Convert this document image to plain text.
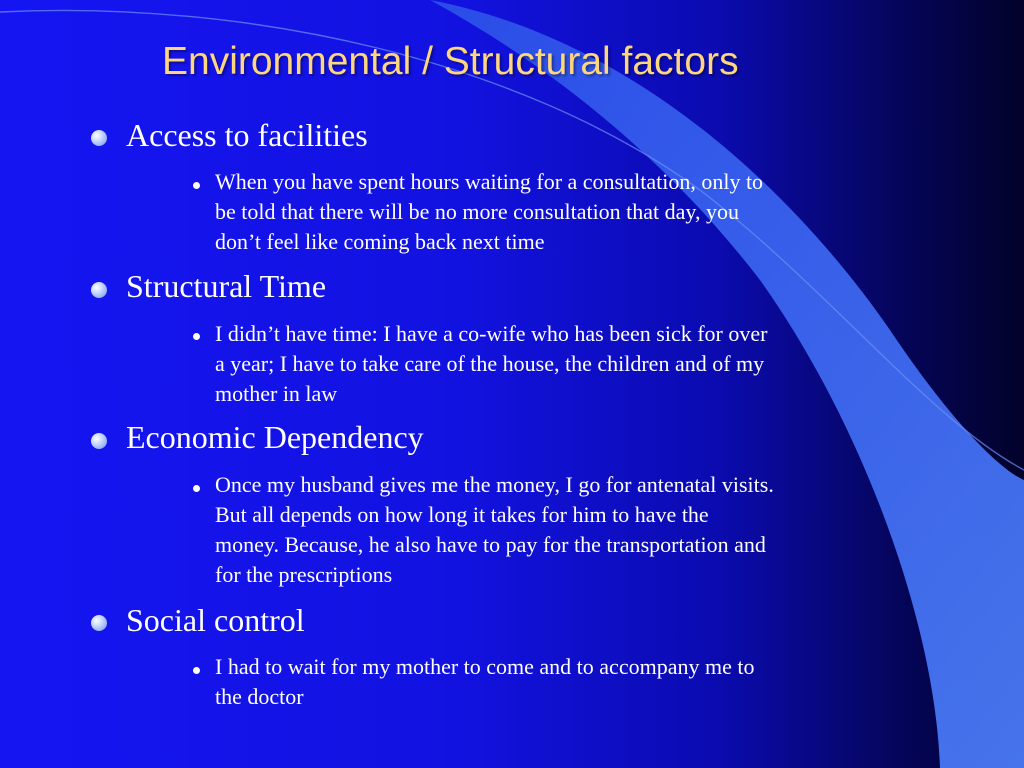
Environmental / Structural factors
Access to facilities
When you have spent hours waiting for a consultation, only to
be told that there will be no more consultation that day, you
don’t feel like coming back next time
Structural Time
I didn’t have time: I have a co-wife who has been sick for over
a year; I have to take care of the house, the children and of my
mother in law
Economic Dependency
Once my husband gives me the money, I go for antenatal visits.
But all depends on how long it takes for him to have the
money. Because, he also have to pay for the transportation and
for the prescriptions
Social control
I had to wait for my mother to come and to accompany me to
the doctor
